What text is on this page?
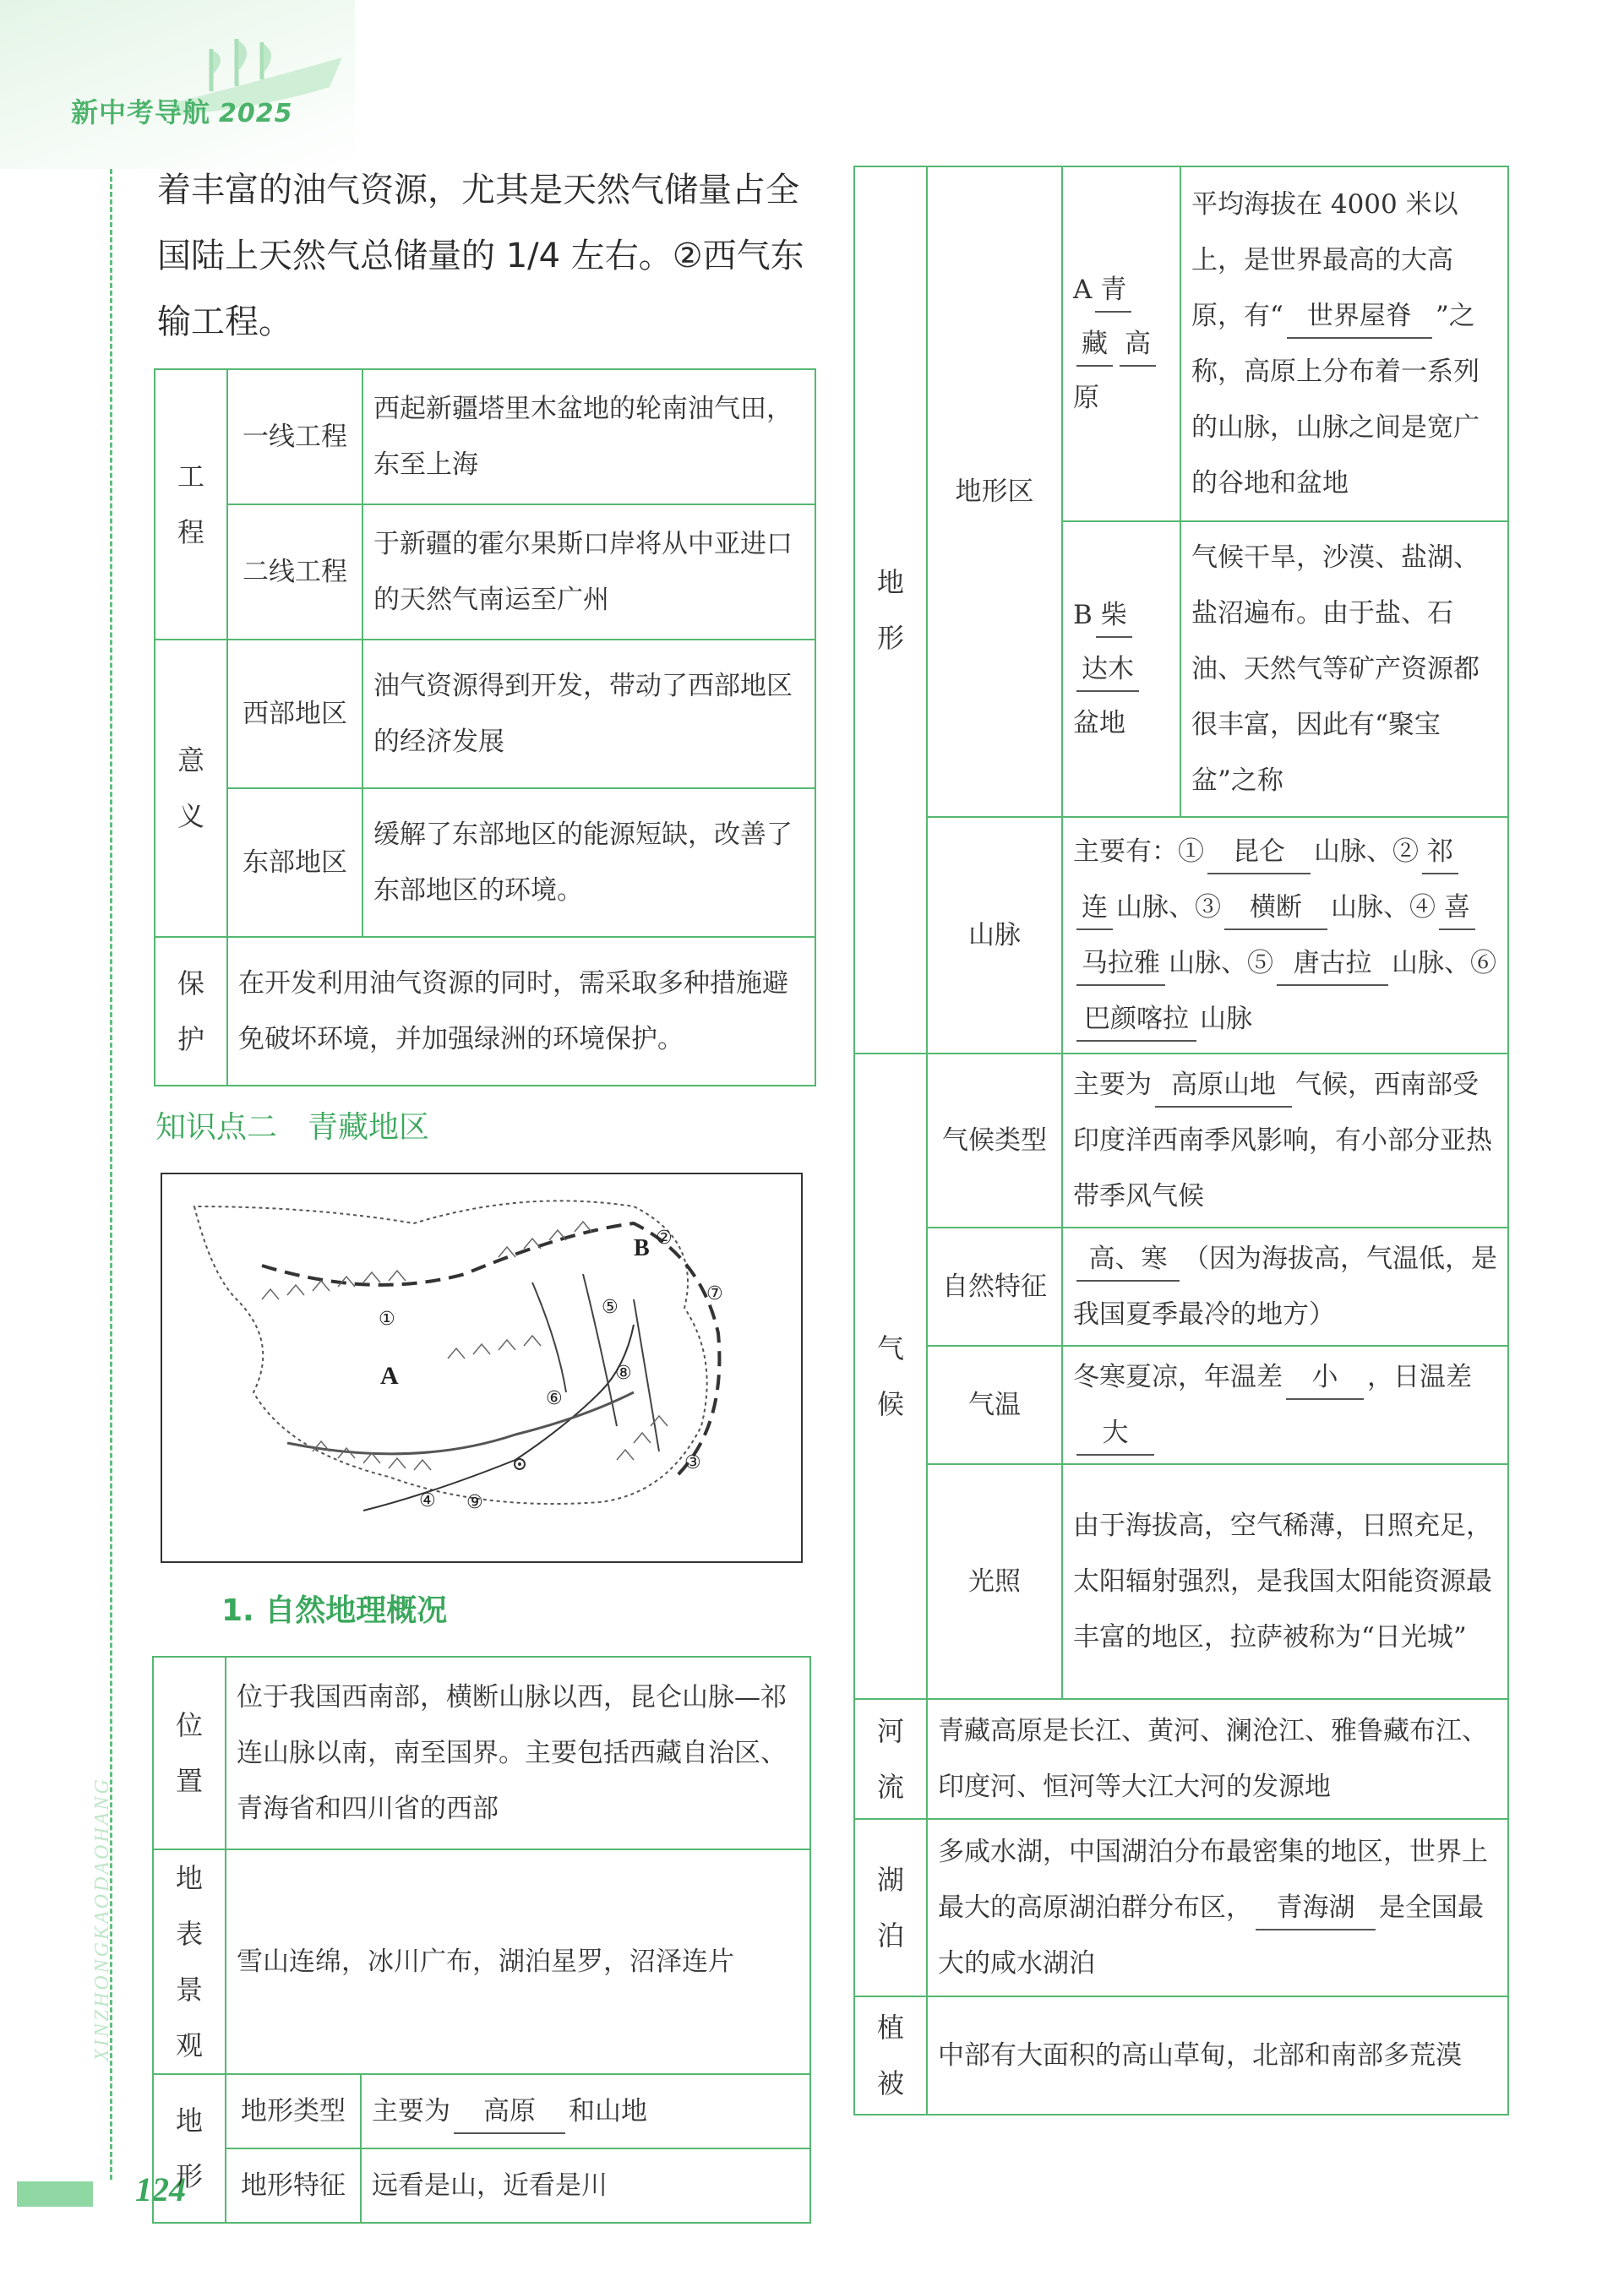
新中考导航 2025
XINZHONGKAODAOHANG
124
着丰富的油气资源，尤其是天然气储量占全
国陆上天然气总储量的 1/4 左右。②西气东
输工程。
工程	一线工程	西起新疆塔里木盆地的轮南油气田，东至上海
	二线工程	于新疆的霍尔果斯口岸将从中亚进口的天然气南运至广州
意义	西部地区	油气资源得到开发，带动了西部地区的经济发展
	东部地区	缓解了东部地区的能源短缺，改善了东部地区的环境。
保护	在开发利用油气资源的同时，需采取多种措施避免破坏环境，并加强绿洲的环境保护。	
知识点二　青藏地区
A
B
①
②
③
④
⑤
⑥
⑦
⑧
⑨
1. 自然地理概况
位置	位于我国西南部，横断山脉以西，昆仑山脉—祁连山脉以南，南至国界。主要包括西藏自治区、青海省和四川省的西部	
地表景观	雪山连绵，冰川广布，湖泊星罗，沼泽连片	
地形	地形类型	主要为 高原 和山地
	地形特征	远看是山，近看是川
地形	地形区	A 青
藏 高
原	平均海拔在 4000 米以上，是世界最高的大高原，有“ 世界屋脊 ”之称，高原上分布着一系列的山脉，山脉之间是宽广的谷地和盆地

		B 柴
达木
盆地	气候干旱，沙漠、盐湖、盐沼遍布。由于盐、石油、天然气等矿产资源都很丰富，因此有“聚宝盆”之称
	山脉	主要有：① 昆仑 山脉、② 祁连 山脉、③ 横断 山脉、④ 喜马拉雅 山脉、⑤ 唐古拉 山脉、⑥巴颜喀拉 山脉	
气候	气候类型	主要为 高原山地 气候，西南部受印度洋西南季风影响，有小部分亚热带季风气候	
	自然特征	高、寒 （因为海拔高，气温低，是我国夏季最冷的地方）	
	气温	冬寒夏凉，年温差 小 ，日温差大	
	光照	由于海拔高，空气稀薄，日照充足，太阳辐射强烈，是我国太阳能资源最丰富的地区，拉萨被称为“日光城”	
河流	青藏高原是长江、黄河、澜沧江、雅鲁藏布江、印度河、恒河等大江大河的发源地		
湖泊	多咸水湖，中国湖泊分布最密集的地区，世界上最大的高原湖泊群分布区， 青海湖 是全国最大的咸水湖泊		
植被	中部有大面积的高山草甸，北部和南部多荒漠		
